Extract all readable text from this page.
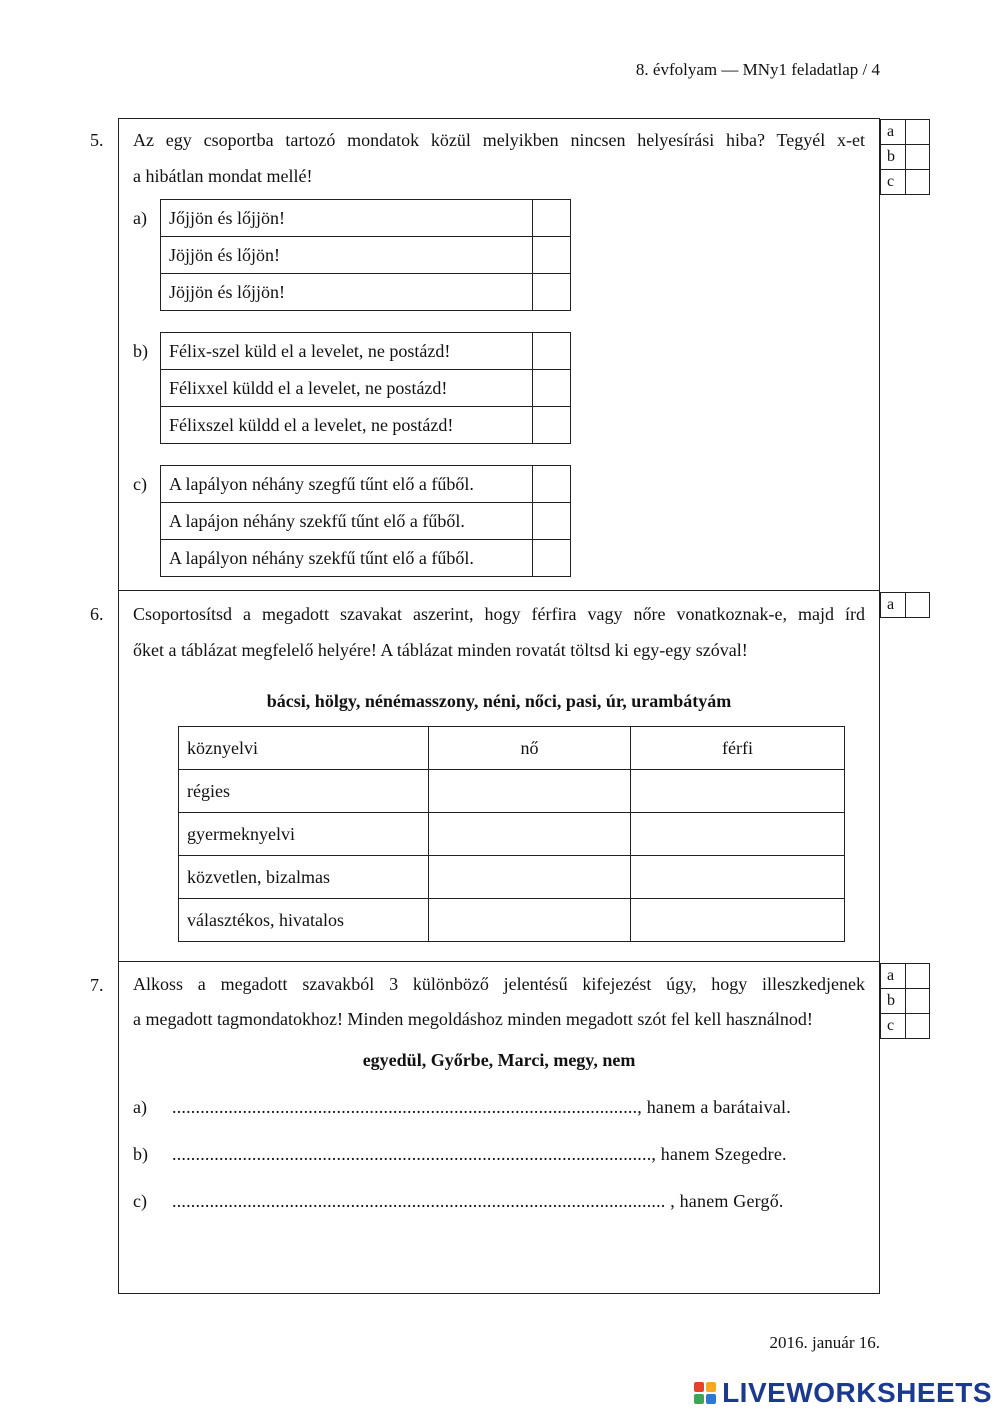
8. évfolyam — MNy1 feladatlap / 4
5. Az egy csoportba tartozó mondatok közül melyikben nincsen helyesírási hiba? Tegyél x-et
a hibátlan mondat mellé!
a	
b	
c	
a) Jőjjön és lőjjön!	
Jöjjön és lőjön!	
Jöjjön és lőjjön!	
b) Félix-szel küld el a levelet, ne postázd!	
Félixxel küldd el a levelet, ne postázd!	
Félixszel küldd el a levelet, ne postázd!	
c) A lapályon néhány szegfű tűnt elő a fűből.	
A lapájon néhány szekfű tűnt elő a fűből.	
A lapályon néhány szekfű tűnt elő a fűből.	
6. Csoportosítsd a megadott szavakat aszerint, hogy férfira vagy nőre vonatkoznak-e, majd írd
őket a táblázat megfelelő helyére! A táblázat minden rovatát töltsd ki egy-egy szóval!
a	
bácsi, hölgy, nénémasszony, néni, nőci, pasi, úr, urambátyám
köznyelvi	nő	férfi
régies		
gyermeknyelvi		
közvetlen, bizalmas		
választékos, hivatalos		
7. Alkoss a megadott szavakból 3 különböző jelentésű kifejezést úgy, hogy illeszkedjenek
a megadott tagmondatokhoz! Minden megoldáshoz minden megadott szót fel kell használnod!
a	
b	
c	
egyedül, Győrbe, Marci, megy, nem
a) ..................................................................................................., hanem a barátaival.
b) ......................................................................................................, hanem Szegedre.
c) ......................................................................................................... , hanem Gergő.
2016. január 16.
LIVEWORKSHEETS
